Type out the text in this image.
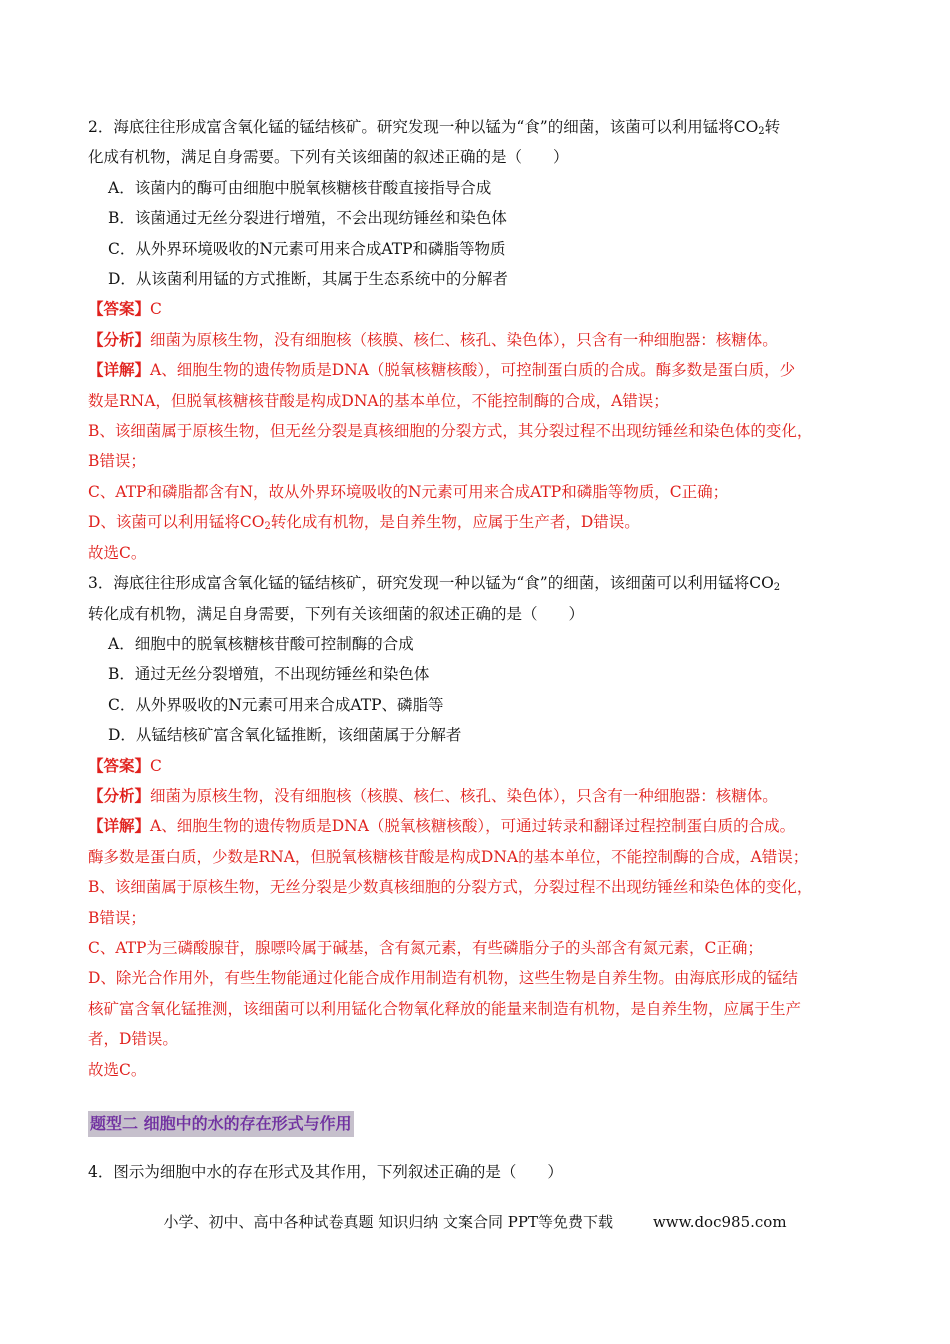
2．海底往往形成富含氧化锰的锰结核矿。研究发现一种以锰为“食”的细菌，该菌可以利用锰将$CO_2$转
化成有机物，满足自身需要。下列有关该细菌的叙述正确的是（　　）
A．该菌内的酶可由细胞中脱氧核糖核苷酸直接指导合成
B．该菌通过无丝分裂进行增殖，不会出现纺锤丝和染色体
C．从外界环境吸收的N元素可用来合成ATP和磷脂等物质
D．从该菌利用锰的方式推断，其属于生态系统中的分解者
【答案】C
【分析】细菌为原核生物，没有细胞核（核膜、核仁、核孔、染色体），只含有一种细胞器：核糖体。
【详解】A、细胞生物的遗传物质是DNA（脱氧核糖核酸），可控制蛋白质的合成。酶多数是蛋白质，少
数是RNA，但脱氧核糖核苷酸是构成DNA的基本单位，不能控制酶的合成，A错误；
B、该细菌属于原核生物，但无丝分裂是真核细胞的分裂方式，其分裂过程不出现纺锤丝和染色体的变化，
B错误；
C、ATP和磷脂都含有N，故从外界环境吸收的N元素可用来合成ATP和磷脂等物质，C正确；
D、该菌可以利用锰将$CO_2$转化成有机物，是自养生物，应属于生产者，D错误。
故选C。
3．海底往往形成富含氧化锰的锰结核矿，研究发现一种以锰为“食”的细菌，该细菌可以利用锰将$CO_2$
转化成有机物，满足自身需要，下列有关该细菌的叙述正确的是（　　）
A．细胞中的脱氧核糖核苷酸可控制酶的合成
B．通过无丝分裂增殖，不出现纺锤丝和染色体
C．从外界吸收的N元素可用来合成ATP、磷脂等
D．从锰结核矿富含氧化锰推断，该细菌属于分解者
【答案】C
【分析】细菌为原核生物，没有细胞核（核膜、核仁、核孔、染色体），只含有一种细胞器：核糖体。
【详解】A、细胞生物的遗传物质是DNA（脱氧核糖核酸），可通过转录和翻译过程控制蛋白质的合成。
酶多数是蛋白质，少数是RNA，但脱氧核糖核苷酸是构成DNA的基本单位，不能控制酶的合成，A错误；
B、该细菌属于原核生物，无丝分裂是少数真核细胞的分裂方式，分裂过程不出现纺锤丝和染色体的变化，
B错误；
C、ATP为三磷酸腺苷，腺嘌呤属于碱基，含有氮元素，有些磷脂分子的头部含有氮元素，C正确；
D、除光合作用外，有些生物能通过化能合成作用制造有机物，这些生物是自养生物。由海底形成的锰结
核矿富含氧化锰推测，该细菌可以利用锰化合物氧化释放的能量来制造有机物，是自养生物，应属于生产
者，D错误。
故选C。
题型二 细胞中的水的存在形式与作用
4．图示为细胞中水的存在形式及其作用，下列叙述正确的是（　　）
小学、初中、高中各种试卷真题 知识归纳 文案合同 PPT等免费下载	www.doc985.com
